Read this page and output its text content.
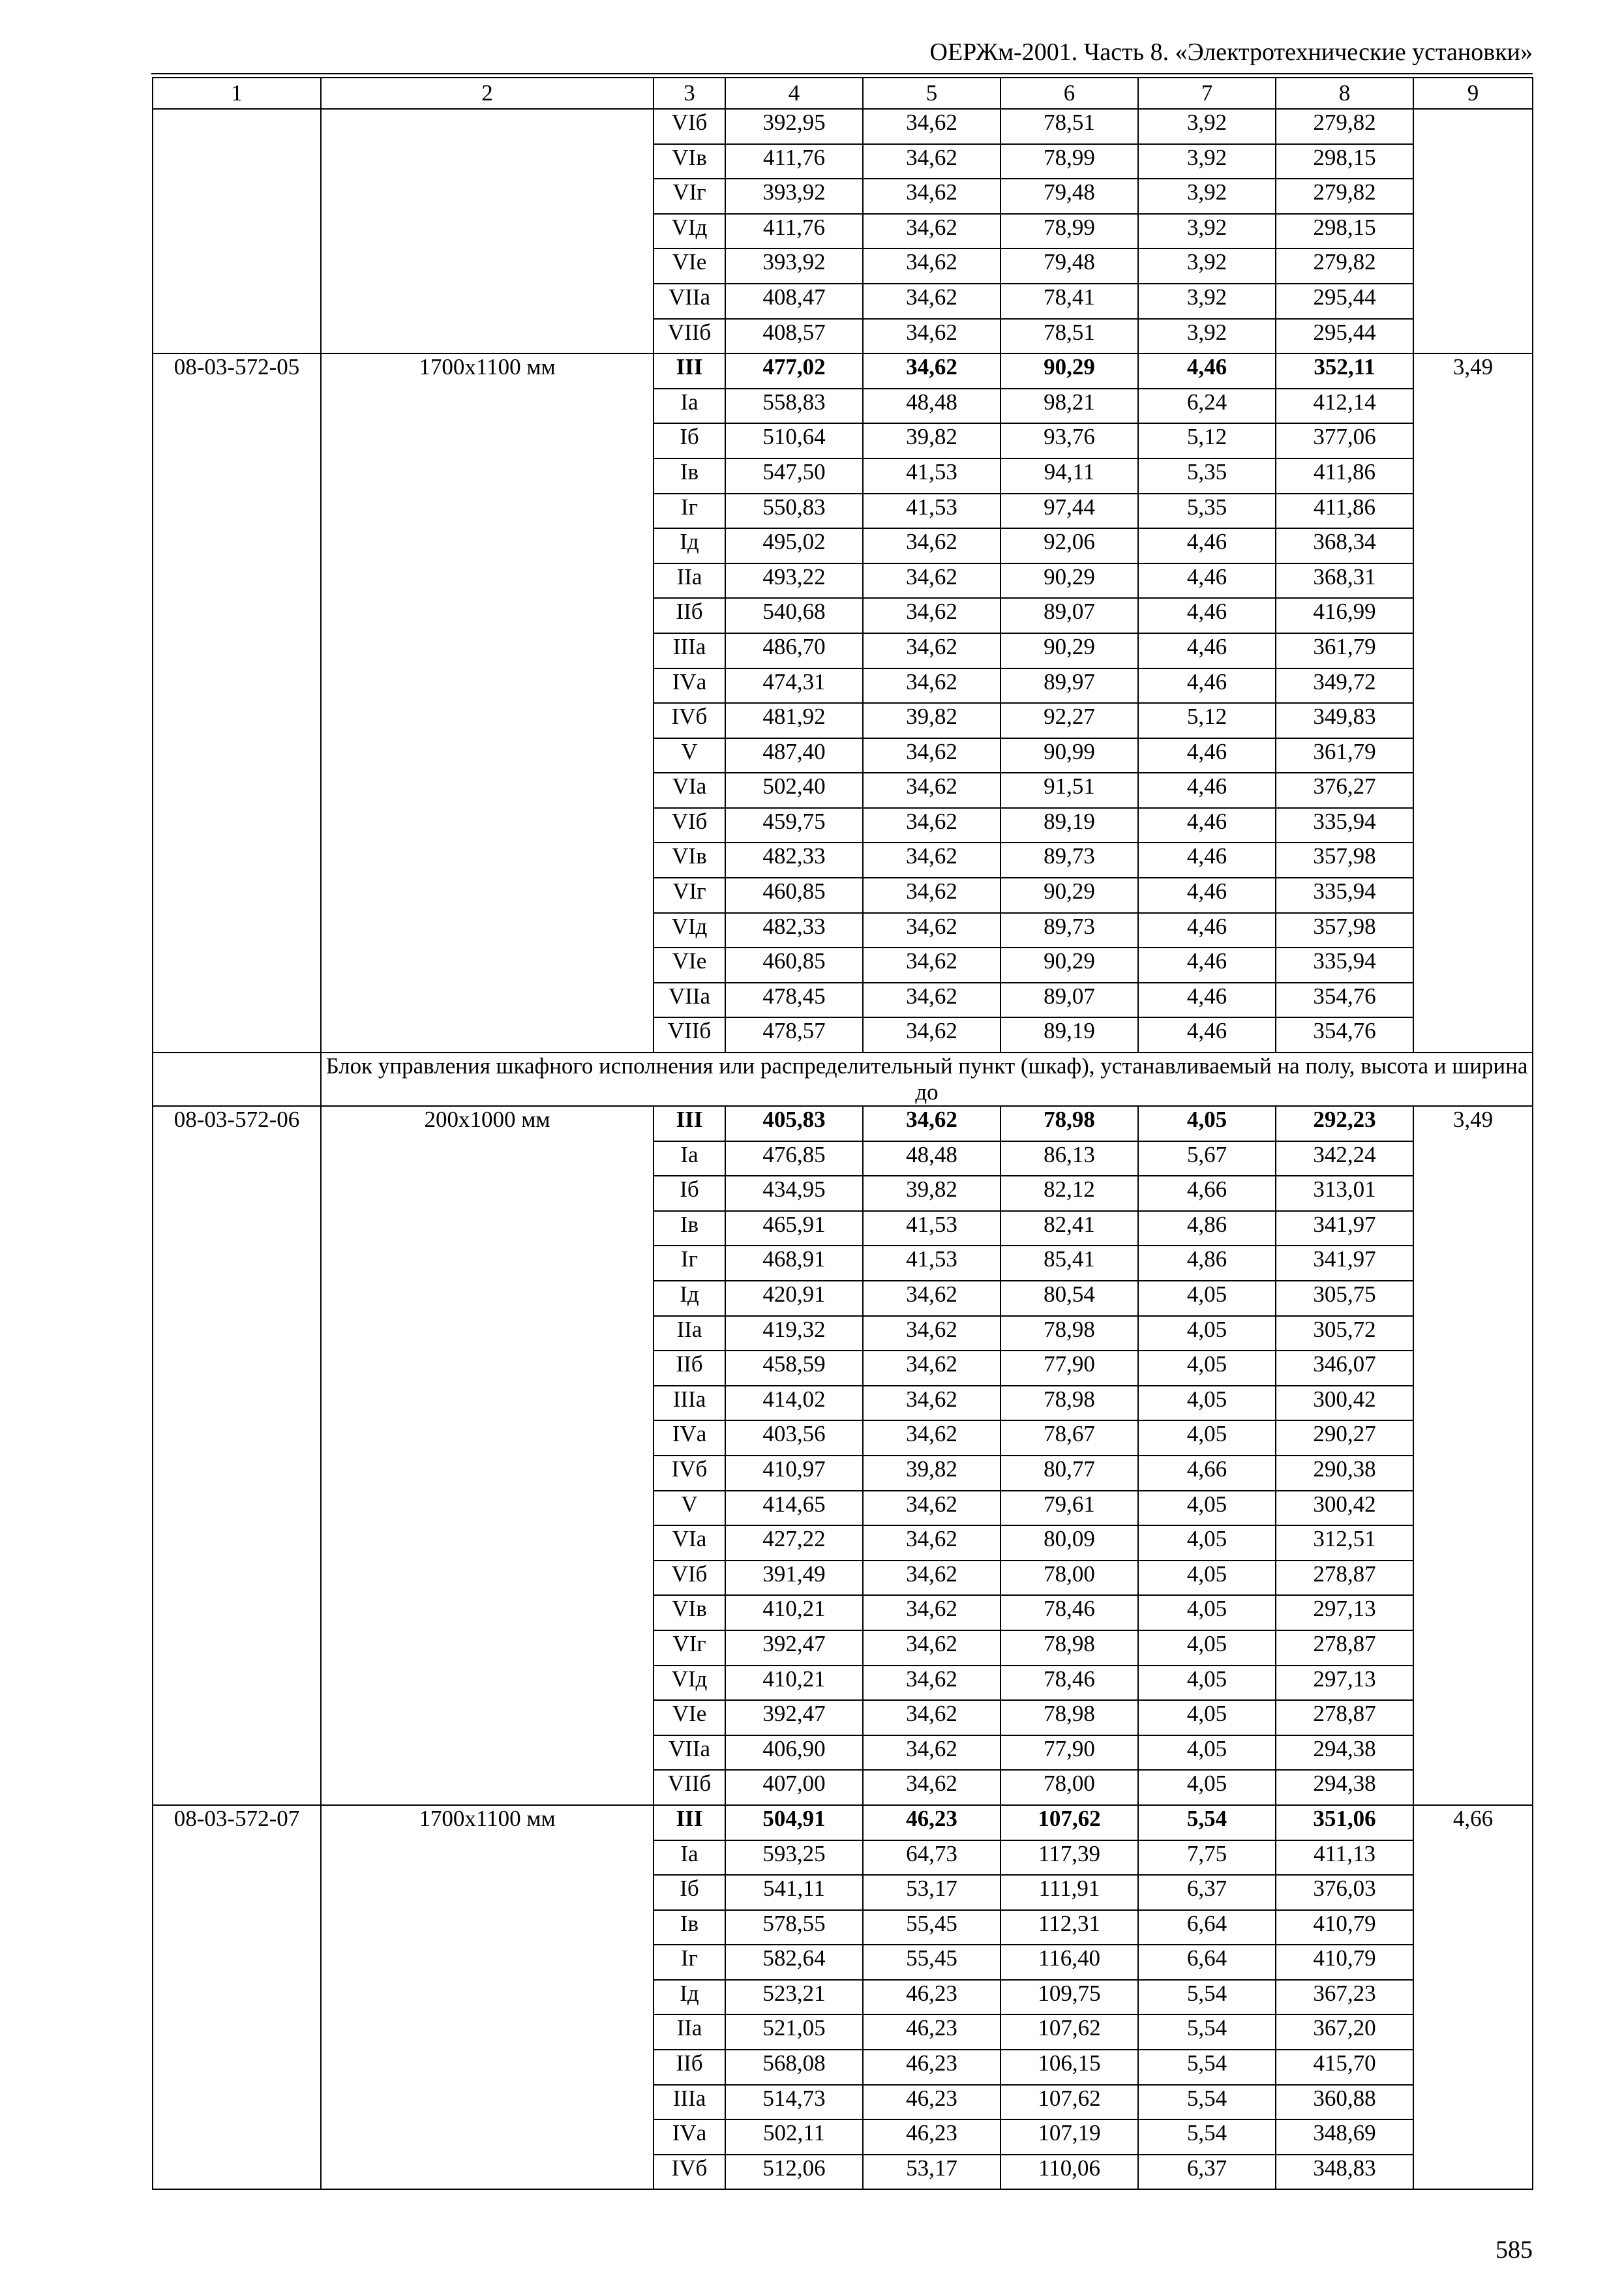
ОЕРЖм-2001. Часть 8. «Электротехнические установки»
1	2	3	4	5	6	7	8	9
		VIб	392,95	34,62	78,51	3,92	279,82	
		VIв	411,76	34,62	78,99	3,92	298,15	
		VIг	393,92	34,62	79,48	3,92	279,82	
		VIд	411,76	34,62	78,99	3,92	298,15	
		VIе	393,92	34,62	79,48	3,92	279,82	
		VIIа	408,47	34,62	78,41	3,92	295,44	
		VIIб	408,57	34,62	78,51	3,92	295,44	
08-03-572-05	1700x1100 мм	III	477,02	34,62	90,29	4,46	352,11	3,49
		Iа	558,83	48,48	98,21	6,24	412,14	
		Iб	510,64	39,82	93,76	5,12	377,06	
		Iв	547,50	41,53	94,11	5,35	411,86	
		Iг	550,83	41,53	97,44	5,35	411,86	
		Iд	495,02	34,62	92,06	4,46	368,34	
		IIа	493,22	34,62	90,29	4,46	368,31	
		IIб	540,68	34,62	89,07	4,46	416,99	
		IIIа	486,70	34,62	90,29	4,46	361,79	
		IVа	474,31	34,62	89,97	4,46	349,72	
		IVб	481,92	39,82	92,27	5,12	349,83	
		V	487,40	34,62	90,99	4,46	361,79	
		VIа	502,40	34,62	91,51	4,46	376,27	
		VIб	459,75	34,62	89,19	4,46	335,94	
		VIв	482,33	34,62	89,73	4,46	357,98	
		VIг	460,85	34,62	90,29	4,46	335,94	
		VIд	482,33	34,62	89,73	4,46	357,98	
		VIе	460,85	34,62	90,29	4,46	335,94	
		VIIа	478,45	34,62	89,07	4,46	354,76	
		VIIб	478,57	34,62	89,19	4,46	354,76	
	Блок управления шкафного исполнения или распределительный пункт (шкаф), устанавливаемый на полу, высота и ширина до							
08-03-572-06	200x1000 мм	III	405,83	34,62	78,98	4,05	292,23	3,49
		Iа	476,85	48,48	86,13	5,67	342,24	
		Iб	434,95	39,82	82,12	4,66	313,01	
		Iв	465,91	41,53	82,41	4,86	341,97	
		Iг	468,91	41,53	85,41	4,86	341,97	
		Iд	420,91	34,62	80,54	4,05	305,75	
		IIа	419,32	34,62	78,98	4,05	305,72	
		IIб	458,59	34,62	77,90	4,05	346,07	
		IIIа	414,02	34,62	78,98	4,05	300,42	
		IVа	403,56	34,62	78,67	4,05	290,27	
		IVб	410,97	39,82	80,77	4,66	290,38	
		V	414,65	34,62	79,61	4,05	300,42	
		VIа	427,22	34,62	80,09	4,05	312,51	
		VIб	391,49	34,62	78,00	4,05	278,87	
		VIв	410,21	34,62	78,46	4,05	297,13	
		VIг	392,47	34,62	78,98	4,05	278,87	
		VIд	410,21	34,62	78,46	4,05	297,13	
		VIе	392,47	34,62	78,98	4,05	278,87	
		VIIа	406,90	34,62	77,90	4,05	294,38	
		VIIб	407,00	34,62	78,00	4,05	294,38	
08-03-572-07	1700x1100 мм	III	504,91	46,23	107,62	5,54	351,06	4,66
		Iа	593,25	64,73	117,39	7,75	411,13	
		Iб	541,11	53,17	111,91	6,37	376,03	
		Iв	578,55	55,45	112,31	6,64	410,79	
		Iг	582,64	55,45	116,40	6,64	410,79	
		Iд	523,21	46,23	109,75	5,54	367,23	
		IIа	521,05	46,23	107,62	5,54	367,20	
		IIб	568,08	46,23	106,15	5,54	415,70	
		IIIа	514,73	46,23	107,62	5,54	360,88	
		IVа	502,11	46,23	107,19	5,54	348,69	
		IVб	512,06	53,17	110,06	6,37	348,83	
585
